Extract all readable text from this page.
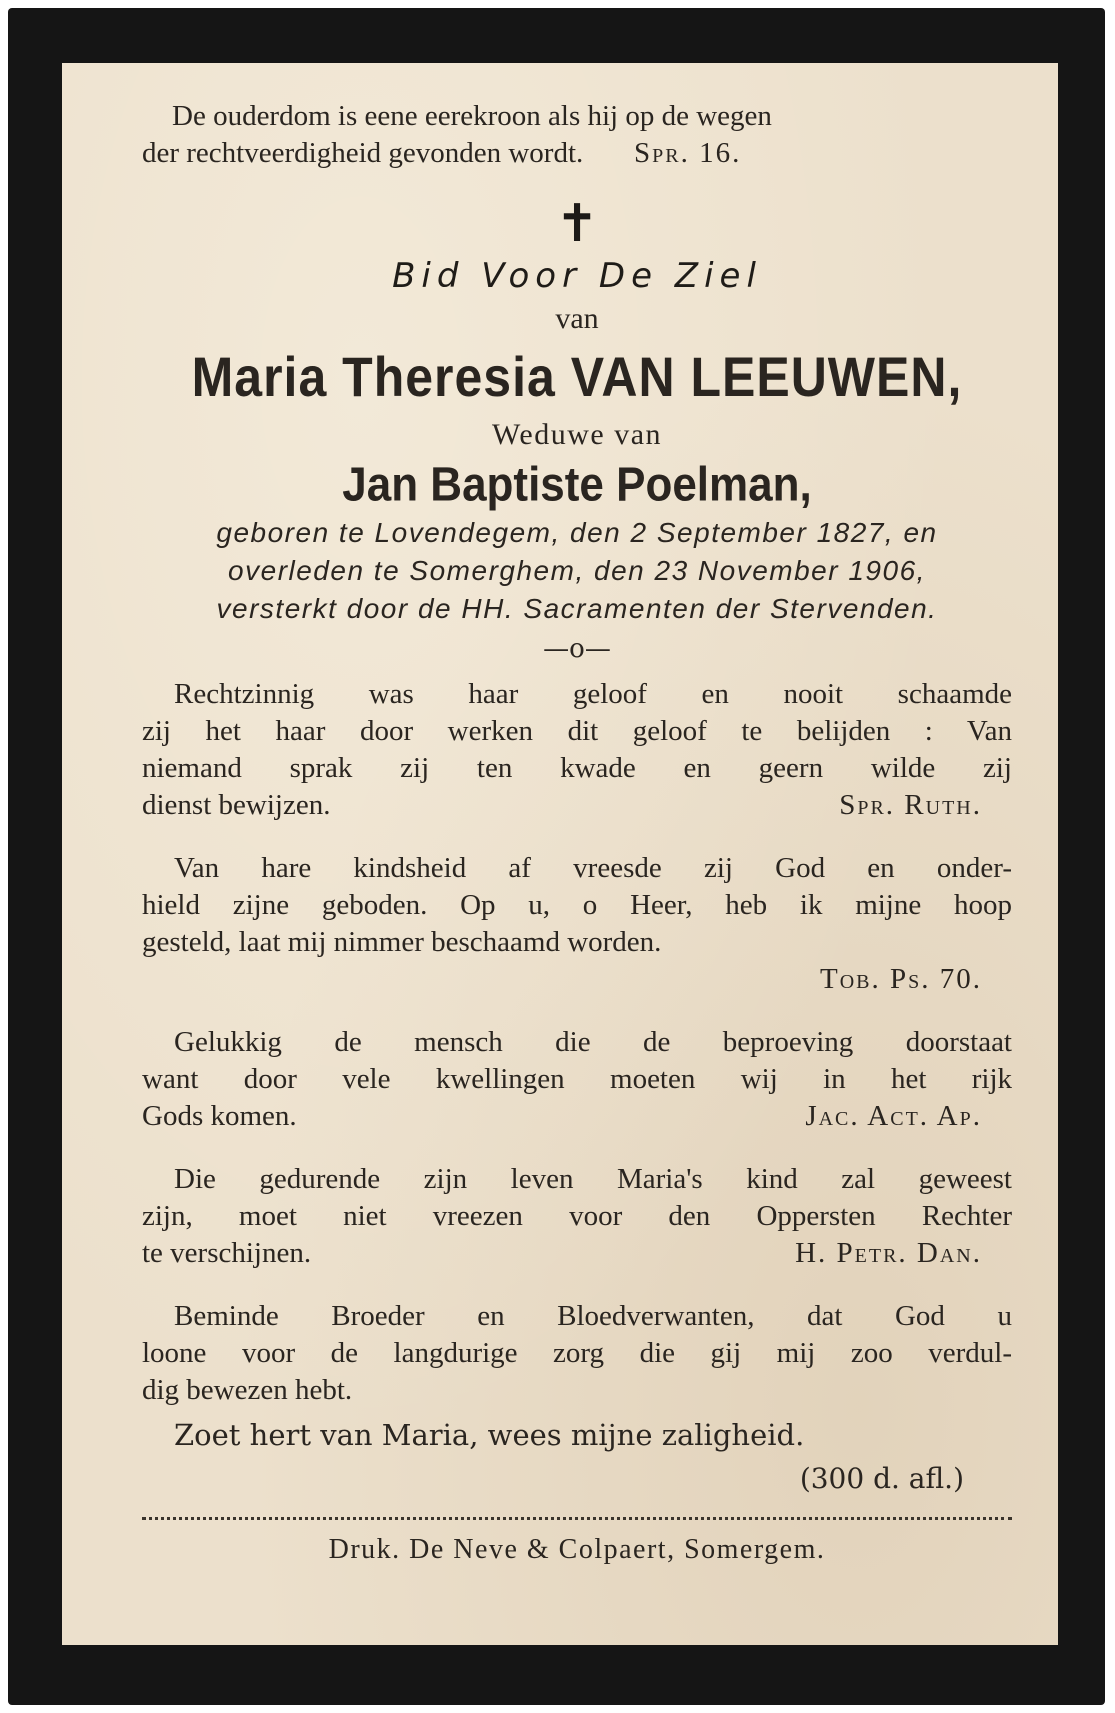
De ouderdom is eene eerekroon als hij op de wegen
der rechtveerdigheid gevonden wordt. Spr. 16.

✝
Bid Voor De Ziel
van
Maria Theresia VAN LEEUWEN,
Weduwe van
Jan Baptiste Poelman,
geboren te Lovendegem, den 2 September 1827, en
overleden te Somerghem, den 23 November 1906,
versterkt door de HH. Sacramenten der Stervenden.
—o—

Rechtzinnig was haar geloof en nooit schaamde
zij het haar door werken dit geloof te belijden : Van
niemand sprak zij ten kwade en geern wilde zij
dienst bewijzen.	Spr. Ruth.

Van hare kindsheid af vreesde zij God en onder-
hield zijne geboden. Op u, o Heer, heb ik mijne hoop
gesteld, laat mij nimmer beschaamd worden.
Tob. Ps. 70.

Gelukkig de mensch die de beproeving doorstaat
want door vele kwellingen moeten wij in het rijk
Gods komen.	Jac. Act. Ap.

Die gedurende zijn leven Maria's kind zal geweest
zijn, moet niet vreezen voor den Oppersten Rechter
te verschijnen.	H. Petr. Dan.

Beminde Broeder en Bloedverwanten, dat God u
loone voor de langdurige zorg die gij mij zoo verdul-
dig bewezen hebt.

Zoet hert van Maria, wees mijne zaligheid.
(300 d. afl.)
Druk. De Neve & Colpaert, Somergem.
